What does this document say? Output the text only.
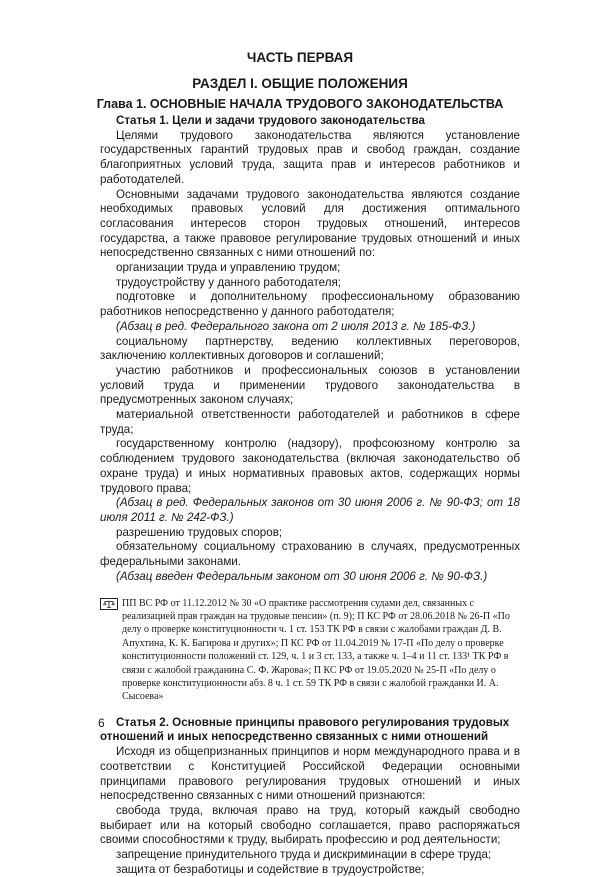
ЧАСТЬ ПЕРВАЯ
РАЗДЕЛ I. ОБЩИЕ ПОЛОЖЕНИЯ
Глава 1. ОСНОВНЫЕ НАЧАЛА ТРУДОВОГО ЗАКОНОДАТЕЛЬСТВА

Статья 1. Цели и задачи трудового законодательства

Целями трудового законодательства являются установление государственных гарантий трудовых прав и свобод граждан, создание благоприятных условий труда, защита прав и интересов работников и работодателей.

Основными задачами трудового законодательства являются создание необходимых правовых условий для достижения оптимального согласования интересов сторон трудовых отношений, интересов государства, а также правовое регулирование трудовых отношений и иных непосредственно связанных с ними отношений по:

организации труда и управлению трудом;

трудоустройству у данного работодателя;

подготовке и дополнительному профессиональному образованию работников непосредственно у данного работодателя;

(Абзац в ред. Федерального закона от 2 июля 2013 г. № 185-ФЗ.)

социальному партнерству, ведению коллективных переговоров, заключению коллективных договоров и соглашений;

участию работников и профессиональных союзов в установлении условий труда и применении трудового законодательства в предусмотренных законом случаях;

материальной ответственности работодателей и работников в сфере труда;

государственному контролю (надзору), профсоюзному контролю за соблюдением трудового законодательства (включая законодательство об охране труда) и иных нормативных правовых актов, содержащих нормы трудового права;

(Абзац в ред. Федеральных законов от 30 июня 2006 г. № 90-ФЗ; от 18 июля 2011 г. № 242-ФЗ.)

разрешению трудовых споров;

обязательному социальному страхованию в случаях, предусмотренных федеральными законами.

(Абзац введен Федеральным законом от 30 июня 2006 г. № 90-ФЗ.)

ПП ВС РФ от 11.12.2012 № 30 «О практике рассмотрения судами дел, связанных с реализацией прав граждан на трудовые пенсии» (п. 9); П КС РФ от 28.06.2018 № 26-П «По делу о проверке конституционности ч. 1 ст. 153 ТК РФ в связи с жалобами граждан Д. В. Апухтина, К. К. Багирова и других»; П КС РФ от 11.04.2019 № 17-П «По делу о проверке конституционности положений ст. 129, ч. 1 и 3 ст. 133, а также ч. 1–4 и 11 ст. 133¹ ТК РФ в связи с жалобой гражданина С. Ф. Жарова»; П КС РФ от 19.05.2020 № 25-П «По делу о проверке конституционности абз. 8 ч. 1 ст. 59 ТК РФ в связи с жалобой гражданки И. А. Сысоева»

Статья 2. Основные принципы правового регулирования трудовых отношений и иных непосредственно связанных с ними отношений

Исходя из общепризнанных принципов и норм международного права и в соответствии с Конституцией Российской Федерации основными принципами правового регулирования трудовых отношений и иных непосредственно связанных с ними отношений признаются:

свобода труда, включая право на труд, который каждый свободно выбирает или на который свободно соглашается, право распоряжаться своими способностями к труду, выбирать профессию и род деятельности;

запрещение принудительного труда и дискриминации в сфере труда;

защита от безработицы и содействие в трудоустройстве;

6
